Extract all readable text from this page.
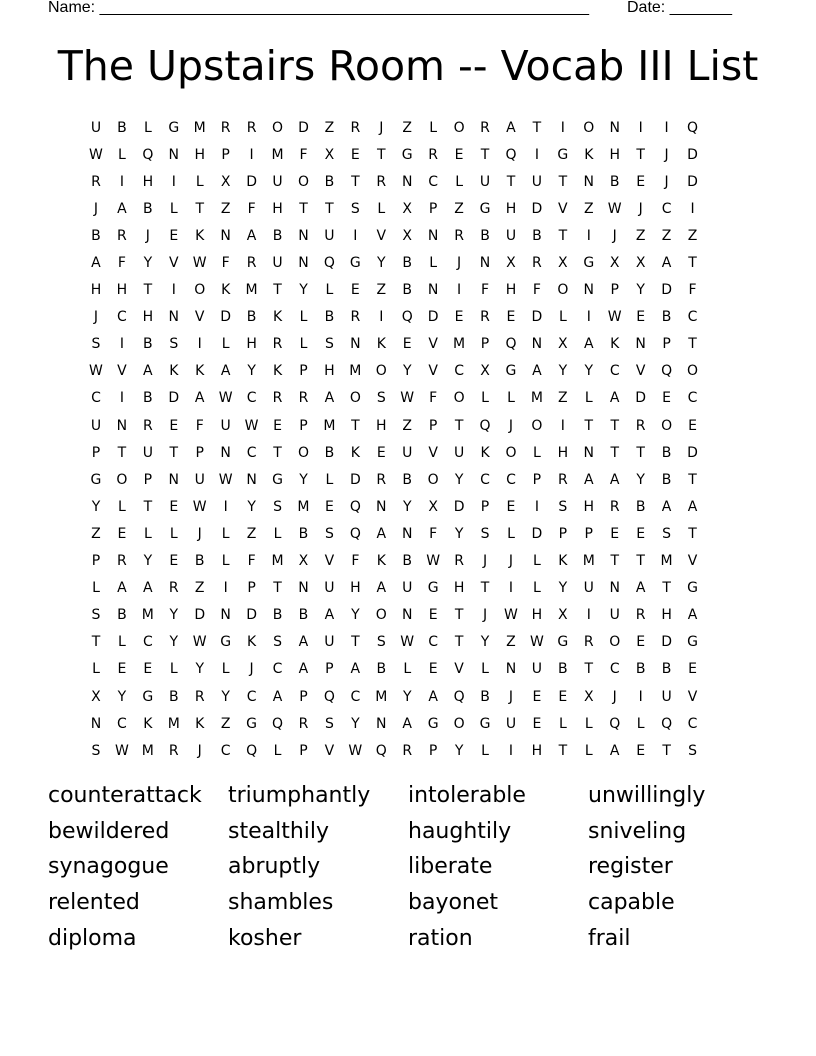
Name: _______________________________________________________ Date: _______
The Upstairs Room -- Vocab III List
U	B	L	G	M	R	R	O	D	Z	R	J	Z	L	O	R	A	T	I	O	N	I	I	Q
W	L	Q	N	H	P	I	M	F	X	E	T	G	R	E	T	Q	I	G	K	H	T	J	D
R	I	H	I	L	X	D	U	O	B	T	R	N	C	L	U	T	U	T	N	B	E	J	D
J	A	B	L	T	Z	F	H	T	T	S	L	X	P	Z	G	H	D	V	Z	W	J	C	I
B	R	J	E	K	N	A	B	N	U	I	V	X	N	R	B	U	B	T	I	J	Z	Z	Z
A	F	Y	V	W	F	R	U	N	Q	G	Y	B	L	J	N	X	R	X	G	X	X	A	T
H	H	T	I	O	K	M	T	Y	L	E	Z	B	N	I	F	H	F	O	N	P	Y	D	F
J	C	H	N	V	D	B	K	L	B	R	I	Q	D	E	R	E	D	L	I	W	E	B	C
S	I	B	S	I	L	H	R	L	S	N	K	E	V	M	P	Q	N	X	A	K	N	P	T
W	V	A	K	K	A	Y	K	P	H	M	O	Y	V	C	X	G	A	Y	Y	C	V	Q	O
C	I	B	D	A	W	C	R	R	A	O	S	W	F	O	L	L	M	Z	L	A	D	E	C
U	N	R	E	F	U W	E	P	M	T	H	Z	P	T	Q	J	O	I	T	T	R	O	E
P	T	U	T	P	N	C	T	O	B	K	E	U	V	U	K	O	L	H	N	T	T	B	D
G	O	P	N	U W N	G	Y	L	D	R	B	O	Y	C	C	P	R	A	A	Y	B	T
Y	L	T	E	W	I	Y	S	M	E	Q	N	Y	X	D	P	E	I	S	H	R	B	A	A
Z	E	L	L	J	L	Z	L	B	S	Q	A	N	F	Y	S	L	D	P	P	E	E	S	T
P	R	Y	E	B	L	F	M	X	V	F	K	B	W	R	J	J	L	K	M	T	T	M	V
L	A	A	R	Z	I	P	T	N	U	H	A	U	G	H	T	I	L	Y	U	N	A	T	G
S	B	M	Y	D	N	D	B	B	A	Y	O	N	E	T	J	W H	X	I	U	R	H	A
T	L	C	Y	W G	K	S	A	U	T	S	W	C	T	Y	Z	W G	R	O	E	D	G
L	E	E	L	Y	L	J	C	A	P	A	B	L	E	V	L	N	U	B	T	C	B	B	E
X	Y	G	B	R	Y	C	A	P	Q	C	M	Y	A	Q	B	J	E	E	X	J	I	U	V
N	C	K	M	K	Z	G	Q	R	S	Y	N	A	G	O	G	U	E	L	L	Q	L	Q	C
S	W M	R	J	C	Q	L	P	V	W Q	R	P	Y	L	I	H	T	L	A	E	T	S
counterattack	triumphantly	intolerable	unwillingly
bewildered	stealthily	haughtily	sniveling
synagogue	abruptly	liberate	register
relented	shambles	bayonet	capable
diploma	kosher	ration	frail
